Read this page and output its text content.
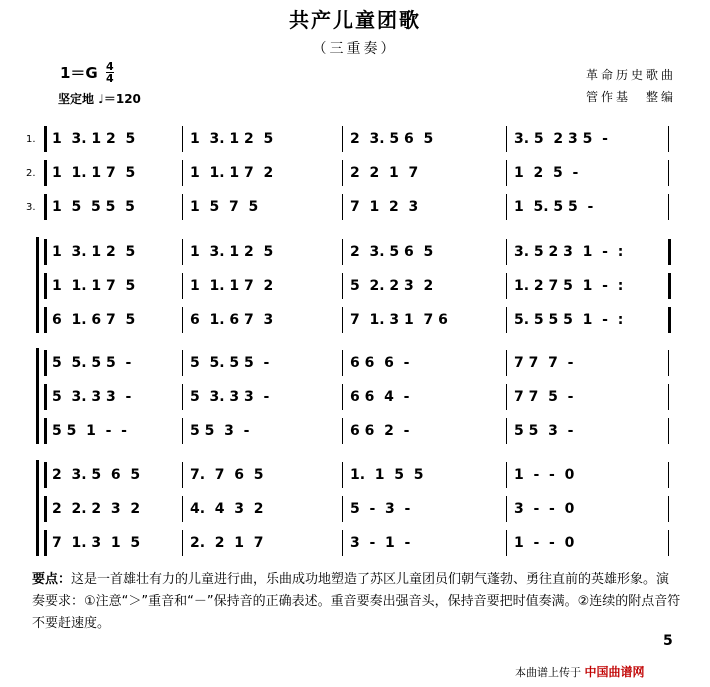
共产儿童团歌
（三重奏）
$1=G \frac{4}{4}$
坚定地 ♩＝120
革命历史歌曲
管作基　整编
1. 1  3. 1 2  5	1  3. 1 2  5	2  3. 5 6  5	3. 5  2 3 5  -
2. 1  1. 1 7  5	1  1. 1 7  2	2  2  1  7	1  2  5  -
3. 1  5  5 5  5	1  5  7  5	7  1  2  3	1  5. 5 5  -
1  3. 1 2  5	1  3. 1 2  5	2  3. 5 6  5	3. 5 2 3  1  -  :
1  1. 1 7  5	1  1. 1 7  2	5  2. 2 3  2	1. 2 7 5  1  -  :
6  1. 6 7  5	6  1. 6 7  3	7  1. 3 1  7 6	5. 5 5 5  1  -  :
5  5. 5 5  -	5  5. 5 5  -	6 6  6  -	7 7  7  -
5  3. 3 3  -	5  3. 3 3  -	6 6  4  -	7 7  5  -
5 5  1  -  -	5 5  3  -	6 6  2  -	5 5  3  -
2  3. 5  6  5	7.  7  6  5	1.  1  5  5	1  -  -  0
2  2. 2  3  2	4.  4  3  2	5  -  3  -	3  -  -  0
7  1. 3  1  5	2.  2  1  7	3  -  1  -	1  -  -  0
要点：这是一首雄壮有力的儿童进行曲，乐曲成功地塑造了苏区儿童团员们朝气蓬勃、勇往直前的英雄形象。演奏要求：①注意“＞”重音和“－”保持音的正确表述。重音要奏出强音头，保持音要把时值奏满。②连续的附点音符不要赶速度。
5
本曲谱上传于 中国曲谱网
